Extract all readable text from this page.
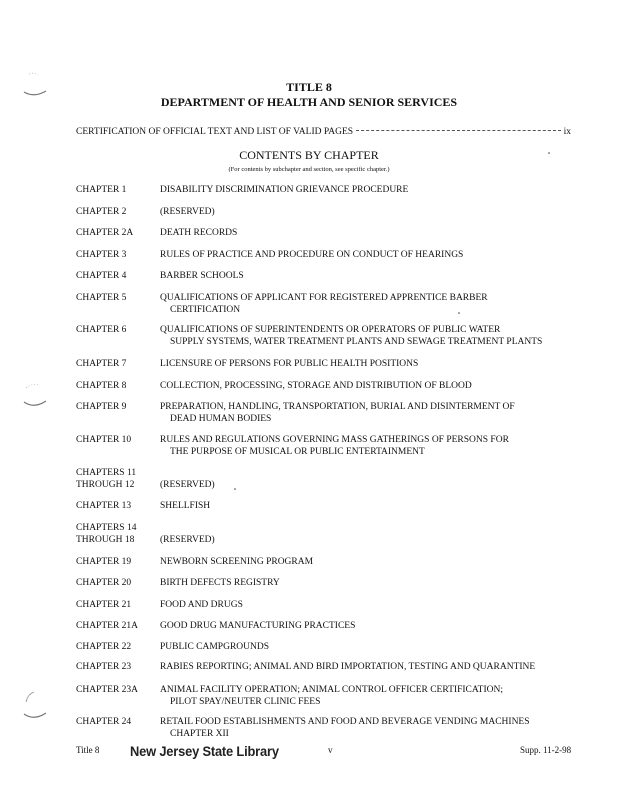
TITLE 8
DEPARTMENT OF HEALTH AND SENIOR SERVICES
CERTIFICATION OF OFFICIAL TEXT AND LIST OF VALID PAGES	ix
CONTENTS BY CHAPTER
(For contents by subchapter and section, see specific chapter.)
CHAPTER 1	DISABILITY DISCRIMINATION GRIEVANCE PROCEDURE
CHAPTER 2	(RESERVED)
CHAPTER 2A	DEATH RECORDS
CHAPTER 3	RULES OF PRACTICE AND PROCEDURE ON CONDUCT OF HEARINGS
CHAPTER 4	BARBER SCHOOLS
CHAPTER 5	QUALIFICATIONS OF APPLICANT FOR REGISTERED APPRENTICE BARBER
CERTIFICATION
CHAPTER 6	QUALIFICATIONS OF SUPERINTENDENTS OR OPERATORS OF PUBLIC WATER
SUPPLY SYSTEMS, WATER TREATMENT PLANTS AND SEWAGE TREATMENT PLANTS
CHAPTER 7	LICENSURE OF PERSONS FOR PUBLIC HEALTH POSITIONS
CHAPTER 8	COLLECTION, PROCESSING, STORAGE AND DISTRIBUTION OF BLOOD
CHAPTER 9	PREPARATION, HANDLING, TRANSPORTATION, BURIAL AND DISINTERMENT OF
DEAD HUMAN BODIES
CHAPTER 10	RULES AND REGULATIONS GOVERNING MASS GATHERINGS OF PERSONS FOR
THE PURPOSE OF MUSICAL OR PUBLIC ENTERTAINMENT
CHAPTERS 11
THROUGH 12	(RESERVED)
CHAPTER 13	SHELLFISH
CHAPTERS 14
THROUGH 18	(RESERVED)
CHAPTER 19	NEWBORN SCREENING PROGRAM
CHAPTER 20	BIRTH DEFECTS REGISTRY
CHAPTER 21	FOOD AND DRUGS
CHAPTER 21A	GOOD DRUG MANUFACTURING PRACTICES
CHAPTER 22	PUBLIC CAMPGROUNDS
CHAPTER 23	RABIES REPORTING; ANIMAL AND BIRD IMPORTATION, TESTING AND QUARANTINE
CHAPTER 23A	ANIMAL FACILITY OPERATION; ANIMAL CONTROL OFFICER CERTIFICATION;
PILOT SPAY/NEUTER CLINIC FEES
CHAPTER 24	RETAIL FOOD ESTABLISHMENTS AND FOOD AND BEVERAGE VENDING MACHINES
CHAPTER XII
Title 8 New Jersey State Library	v	Supp. 11-2-98
